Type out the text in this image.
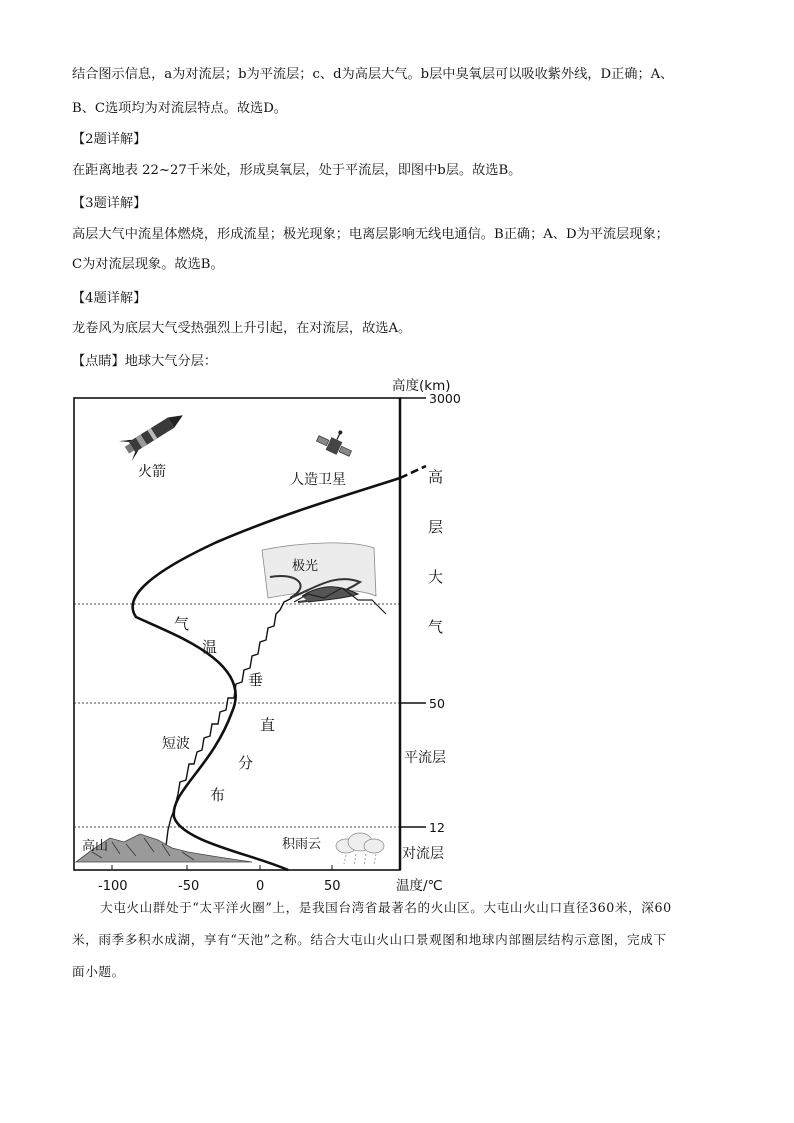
结合图示信息，a为对流层；b为平流层；c、d为高层大气。b层中臭氧层可以吸收紫外线，D正确；A、

B、C选项均为对流层特点。故选D。

【2题详解】

在距离地表 22~27千米处，形成臭氧层，处于平流层，即图中b层。故选B。

【3题详解】

高层大气中流星体燃烧，形成流星；极光现象；电离层影响无线电通信。B正确；A、D为平流层现象；

C为对流层现象。故选B。

【4题详解】

龙卷风为底层大气受热强烈上升引起，在对流层，故选A。

【点睛】地球大气分层：

高度(km)
3000
50
12
高层大气
平流层
对流层
火箭	人造卫星
极光
高山	积雨云
短波
气
温
垂
直
分
布
-100	-50	0	50	温度/℃

大屯火山群处于“太平洋火圈”上，是我国台湾省最著名的火山区。大屯山火山口直径360米，深60

米，雨季多积水成湖，享有“天池”之称。结合大屯山火山口景观图和地球内部圈层结构示意图，完成下

面小题。
